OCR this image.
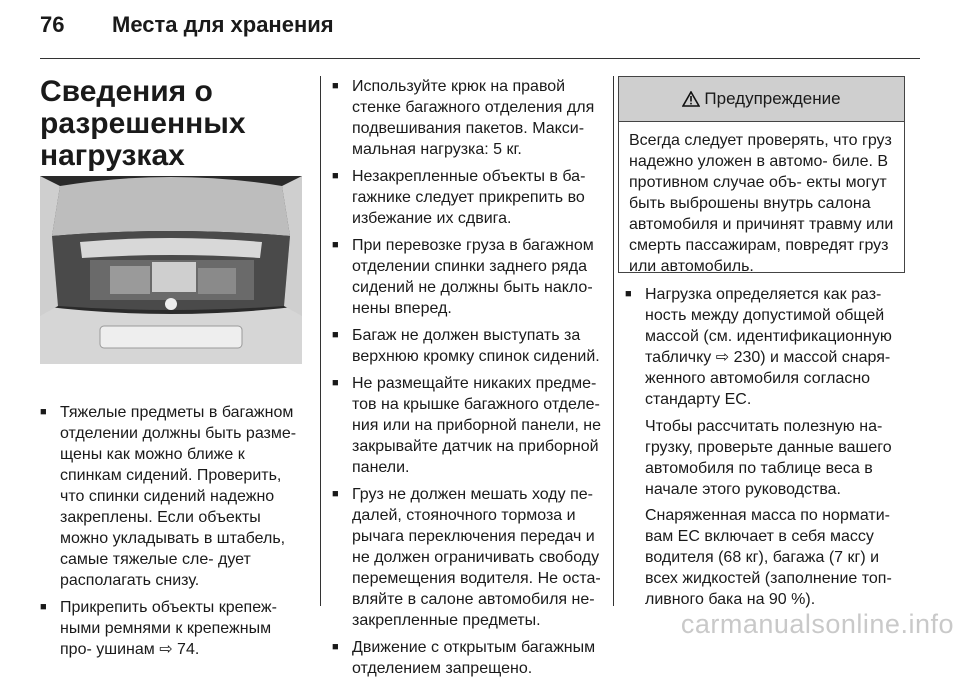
76 Места для хранения
Сведения о разрешенных нагрузках
■ Тяжелые предметы в багажном отделении должны быть разме- щены как можно ближе к спинкам сидений. Проверить, что спинки сидений надежно закреплены. Если объекты можно укладывать в штабель, самые тяжелые сле- дует располагать снизу.
■ Прикрепить объекты крепеж- ными ремнями к крепежным про- ушинам ⇨ 74.
■ Используйте крюк на правой стенке багажного отделения для подвешивания пакетов. Макси- мальная нагрузка: 5 кг.
■ Незакрепленные объекты в ба- гажнике следует прикрепить во избежание их сдвига.
■ При перевозке груза в багажном отделении спинки заднего ряда сидений не должны быть накло- нены вперед.
■ Багаж не должен выступать за верхнюю кромку спинок сидений.
■ Не размещайте никаких предме- тов на крышке багажного отделе- ния или на приборной панели, не закрывайте датчик на приборной панели.
■ Груз не должен мешать ходу пе- далей, стояночного тормоза и рычага переключения передач и не должен ограничивать свободу перемещения водителя. Не оста- вляйте в салоне автомобиля не- закрепленные предметы.
■ Движение с открытым багажным отделением запрещено.
Предупреждение
Всегда следует проверять, что груз надежно уложен в автомо- биле. В противном случае объ- екты могут быть выброшены внутрь салона автомобиля и причинят травму или смерть пассажирам, повредят груз или автомобиль.
■ Нагрузка определяется как раз- ность между допустимой общей массой (см. идентификационную табличку ⇨ 230) и массой снаря- женного автомобиля согласно стандарту ЕС.

Чтобы рассчитать полезную на- грузку, проверьте данные вашего автомобиля по таблице веса в начале этого руководства.

Снаряженная масса по нормати- вам ЕС включает в себя массу водителя (68 кг), багажа (7 кг) и всех жидкостей (заполнение топ- ливного бака на 90 %).

carmanualsonline.info
